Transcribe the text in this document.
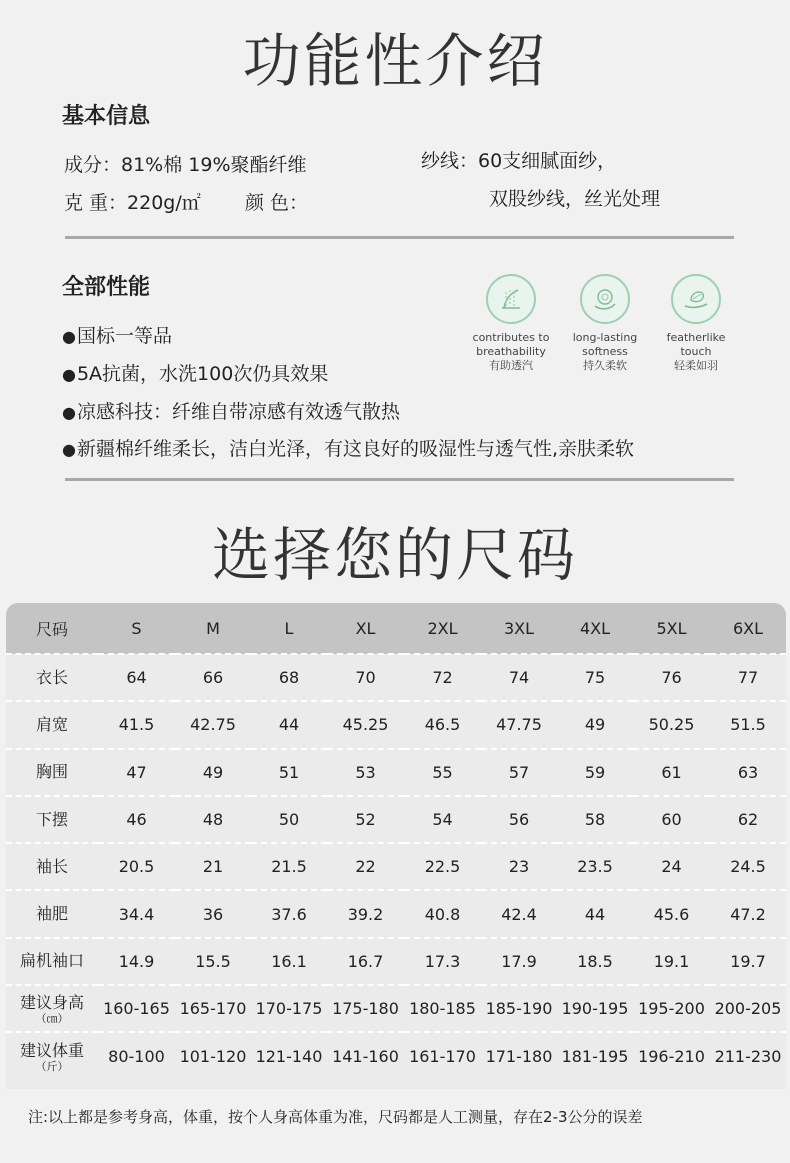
功能性介绍
基本信息
成分：81%棉 19%聚酯纤维
克 重：220g/㎡ 颜 色：
纱线：60支细腻面纱，
双股纱线，丝光处理
全部性能
●国标一等品
●5A抗菌，水洗100次仍具效果
●凉感科技：纤维自带凉感有效透气散热
●新疆棉纤维柔长，洁白光泽，有这良好的吸湿性与透气性,亲肤柔软
contributes to
breathability
有助透汽
long-lasting
softness
持久柔软
featherlike
touch
轻柔如羽
选择您的尺码
尺码	S	M	L	XL	2XL	3XL	4XL	5XL	6XL

衣长	64	66	68	70	72	74	75	76	77

肩宽	41.5	42.75	44	45.25	46.5	47.75	49	50.25	51.5

胸围	47	49	51	53	55	57	59	61	63

下摆	46	48	50	52	54	56	58	60	62

袖长	20.5	21	21.5	22	22.5	23	23.5	24	24.5

袖肥	34.4	36	37.6	39.2	40.8	42.4	44	45.6	47.2

扁机袖口	14.9	15.5	16.1	16.7	17.3	17.9	18.5	19.1	19.7

建议身高
（㎝）	160-165	165-170	170-175	175-180	180-185	185-190	190-195	195-200	200-205

建议体重
（斤）	80-100	101-120	121-140	141-160	161-170	171-180	181-195	196-210	211-230
注:以上都是参考身高，体重，按个人身高体重为准，尺码都是人工测量，存在2-3公分的误差
